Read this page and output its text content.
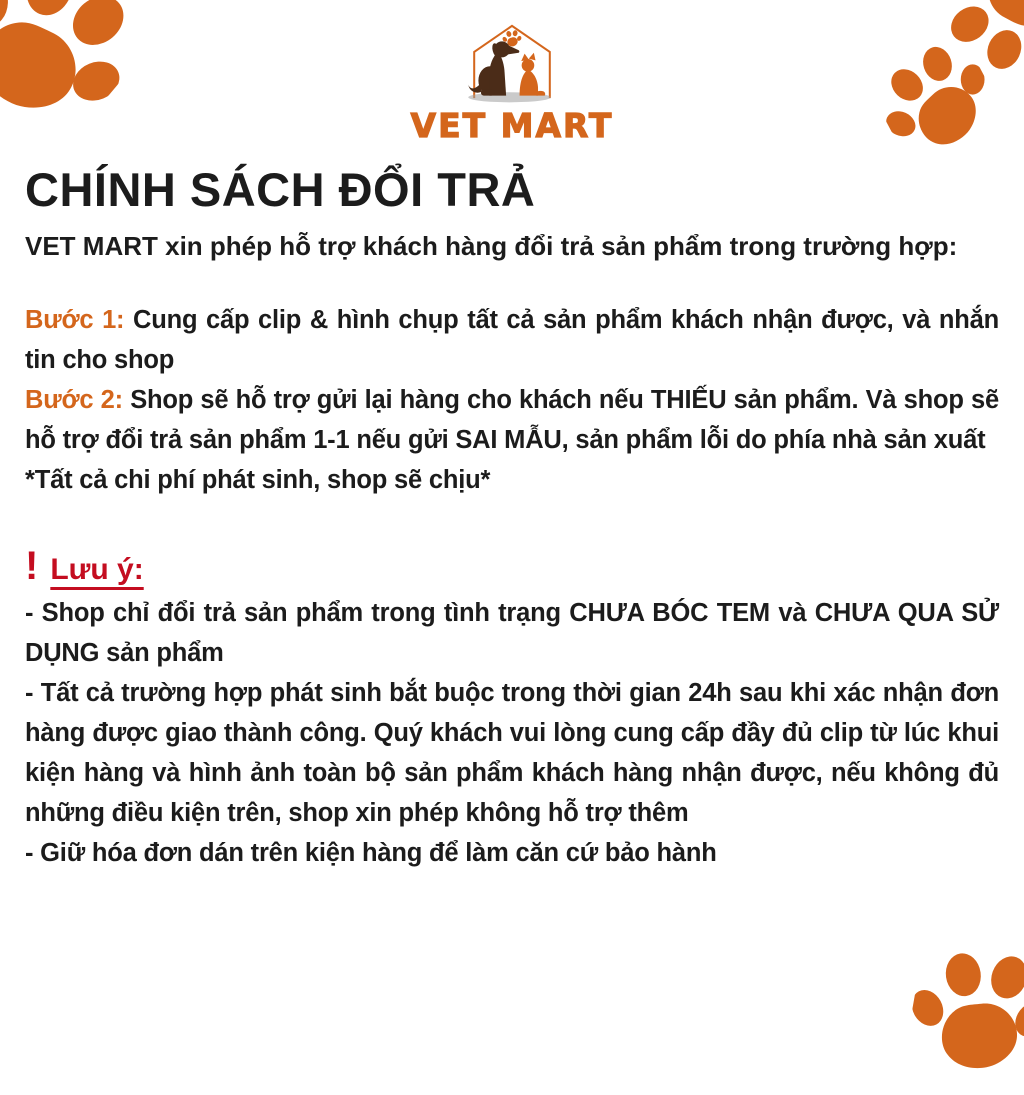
VET MART
CHÍNH SÁCH ĐỔI TRẢ

VET MART xin phép hỗ trợ khách hàng đổi trả sản phẩm trong trường hợp:

Bước 1: Cung cấp clip & hình chụp tất cả sản phẩm khách nhận được, và nhắn tin cho shop

Bước 2: Shop sẽ hỗ trợ gửi lại hàng cho khách nếu THIẾU sản phẩm. Và shop sẽ hỗ trợ đổi trả sản phẩm 1-1 nếu gửi SAI MẪU, sản phẩm lỗi do phía nhà sản xuất

*Tất cả chi phí phát sinh, shop sẽ chịu*

! Lưu ý:

- Shop chỉ đổi trả sản phẩm trong tình trạng CHƯA BÓC TEM và CHƯA QUA SỬ DỤNG sản phẩm

- Tất cả trường hợp phát sinh bắt buộc trong thời gian 24h sau khi xác nhận đơn hàng được giao thành công. Quý khách vui lòng cung cấp đầy đủ clip từ lúc khui kiện hàng và hình ảnh toàn bộ sản phẩm khách hàng nhận được, nếu không đủ những điều kiện trên, shop xin phép không hỗ trợ thêm

- Giữ hóa đơn dán trên kiện hàng để làm căn cứ bảo hành
